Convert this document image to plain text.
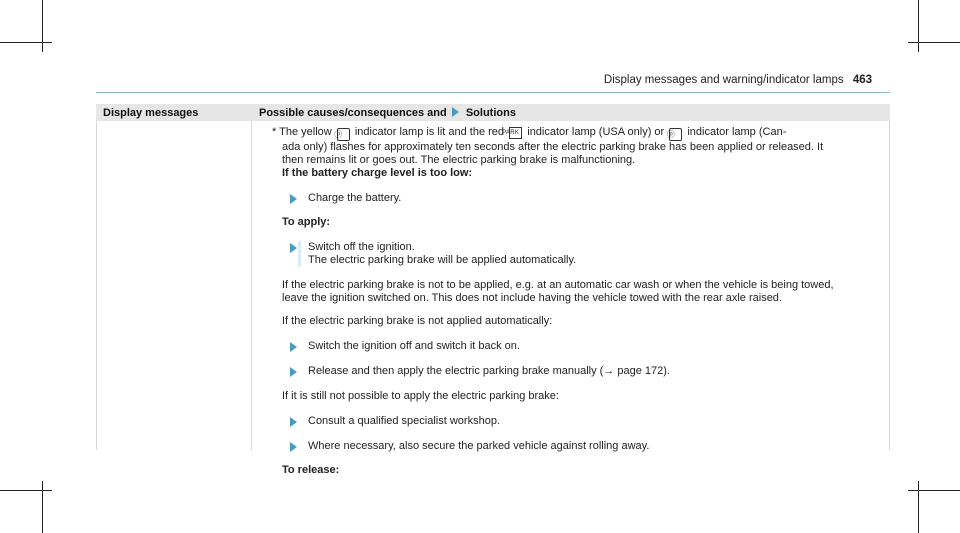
Display messages and warning/indicator lamps 463
Display messages	Possible causes/consequences and Solutions

* The yellow ⓟ indicator lamp is lit and the red PARK indicator lamp (USA only) or ⓟ indicator lamp (Can-

ada only) flashes for approximately ten seconds after the electric parking brake has been applied or released. It

then remains lit or goes out. The electric parking brake is malfunctioning.

If the battery charge level is too low:

Charge the battery.

To apply:

Switch off the ignition.

The electric parking brake will be applied automatically.

If the electric parking brake is not to be applied, e.g. at an automatic car wash or when the vehicle is being towed,

leave the ignition switched on. This does not include having the vehicle towed with the rear axle raised.

If the electric parking brake is not applied automatically:

Switch the ignition off and switch it back on.

Release and then apply the electric parking brake manually (→ page 172).

If it is still not possible to apply the electric parking brake:

Consult a qualified specialist workshop.

Where necessary, also secure the parked vehicle against rolling away.

To release:
